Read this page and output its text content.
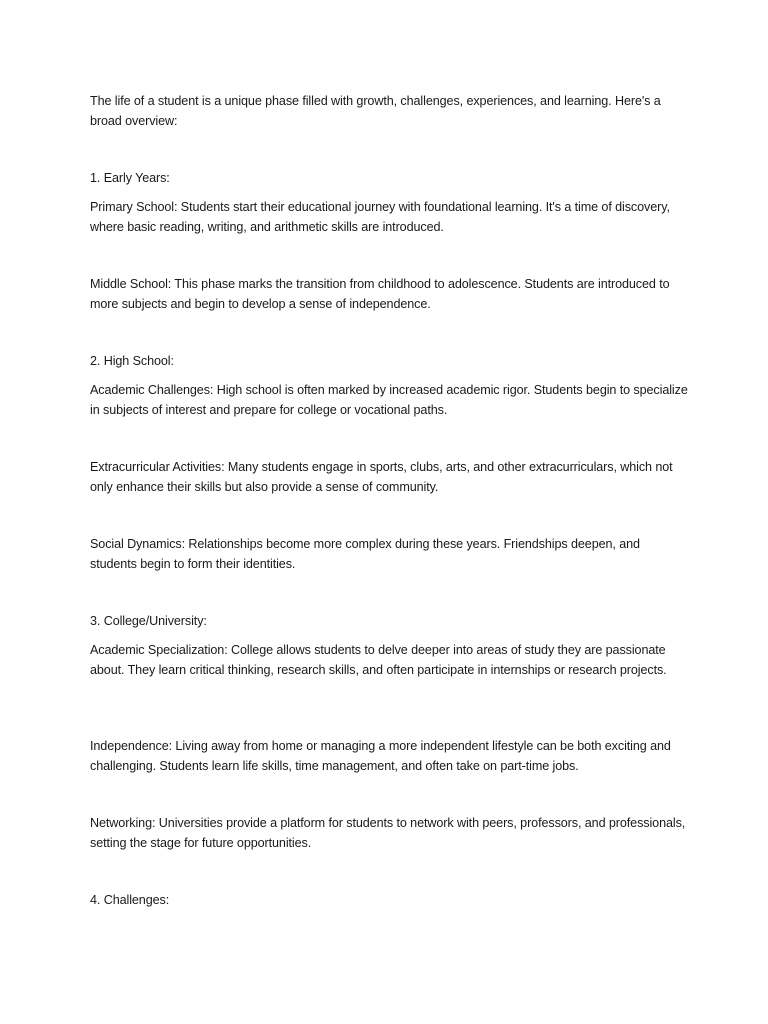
The life of a student is a unique phase filled with growth, challenges, experiences, and learning. Here's a broad overview:

1. Early Years:

Primary School: Students start their educational journey with foundational learning. It's a time of discovery, where basic reading, writing, and arithmetic skills are introduced.

Middle School: This phase marks the transition from childhood to adolescence. Students are introduced to more subjects and begin to develop a sense of independence.

2. High School:

Academic Challenges: High school is often marked by increased academic rigor. Students begin to specialize in subjects of interest and prepare for college or vocational paths.

Extracurricular Activities: Many students engage in sports, clubs, arts, and other extracurriculars, which not only enhance their skills but also provide a sense of community.

Social Dynamics: Relationships become more complex during these years. Friendships deepen, and students begin to form their identities.

3. College/University:

Academic Specialization: College allows students to delve deeper into areas of study they are passionate about. They learn critical thinking, research skills, and often participate in internships or research projects.

Independence: Living away from home or managing a more independent lifestyle can be both exciting and challenging. Students learn life skills, time management, and often take on part-time jobs.

Networking: Universities provide a platform for students to network with peers, professors, and professionals, setting the stage for future opportunities.

4. Challenges:
